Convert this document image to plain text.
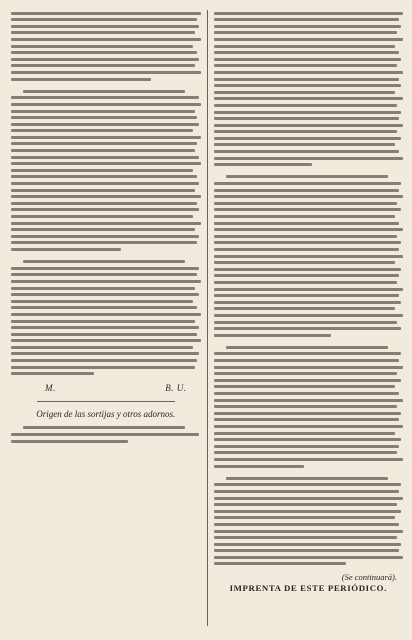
M.	B. U.
Origen de las sortijas y otros adornos.
(Se continuará).
IMPRENTA DE ESTE PERIÓDICO.
